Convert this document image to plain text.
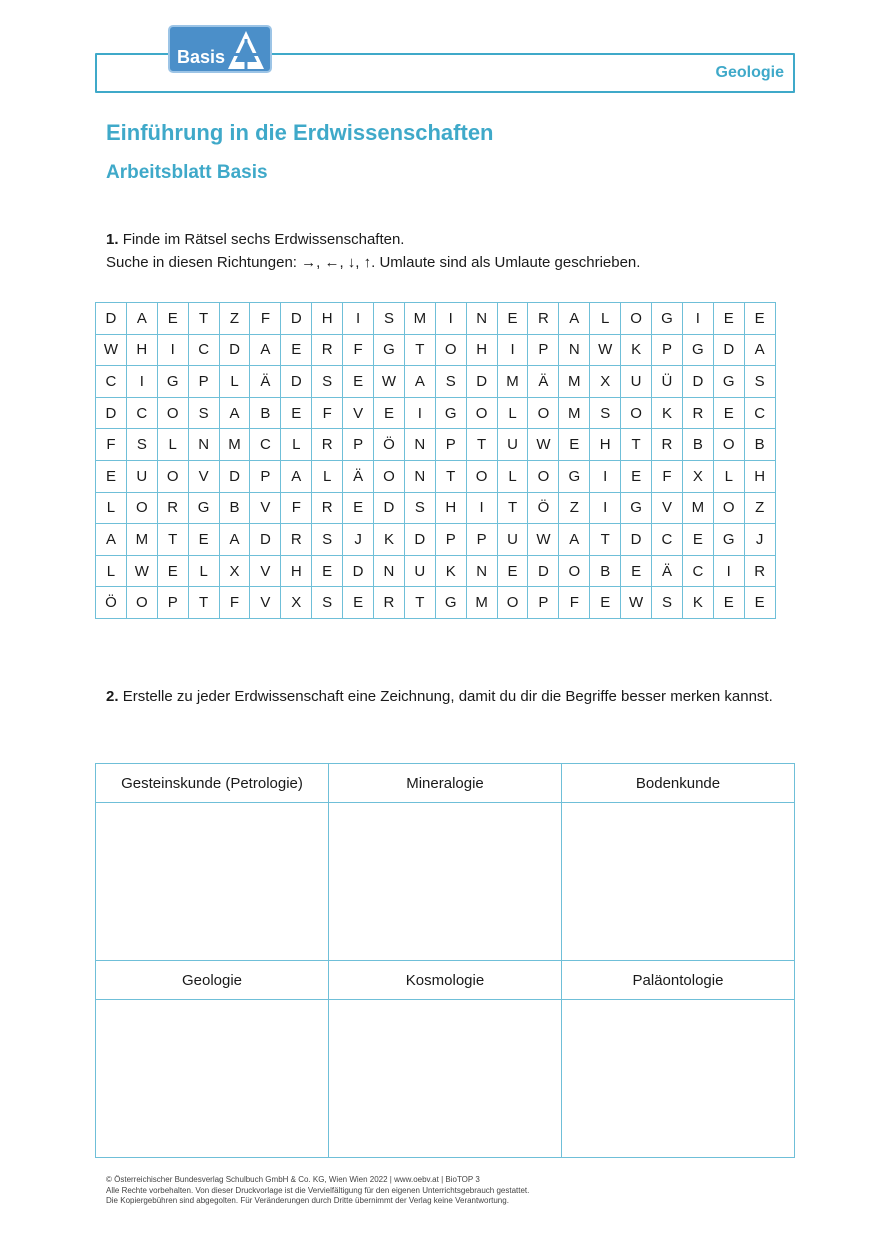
Geologie
Basis
Einführung in die Erdwissenschaften
Arbeitsblatt Basis
1. Finde im Rätsel sechs Erdwissenschaften.
Suche in diesen Richtungen: →, ←, ↓, ↑. Umlaute sind als Umlaute geschrieben.
D	A	E	T	Z	F	D	H	I	S	M	I	N	E	R	A	L	O	G	I	E	E
W	H	I	C	D	A	E	R	F	G	T	O	H	I	P	N	W	K	P	G	D	A
C	I	G	P	L	Ä	D	S	E	W	A	S	D	M	Ä	M	X	U	Ü	D	G	S
D	C	O	S	A	B	E	F	V	E	I	G	O	L	O	M	S	O	K	R	E	C
F	S	L	N	M	C	L	R	P	Ö	N	P	T	U	W	E	H	T	R	B	O	B
E	U	O	V	D	P	A	L	Ä	O	N	T	O	L	O	G	I	E	F	X	L	H
L	O	R	G	B	V	F	R	E	D	S	H	I	T	Ö	Z	I	G	V	M	O	Z
A	M	T	E	A	D	R	S	J	K	D	P	P	U	W	A	T	D	C	E	G	J
L	W	E	L	X	V	H	E	D	N	U	K	N	E	D	O	B	E	Ä	C	I	R
Ö	O	P	T	F	V	X	S	E	R	T	G	M	O	P	F	E	W	S	K	E	E
2. Erstelle zu jeder Erdwissenschaft eine Zeichnung, damit du dir die Begriffe besser merken kannst.
Gesteinskunde (Petrologie)	Mineralogie	Bodenkunde

Geologie	Kosmologie	Paläontologie

© Österreichischer Bundesverlag Schulbuch GmbH & Co. KG, Wien Wien 2022 | www.oebv.at | BioTOP 3
Alle Rechte vorbehalten. Von dieser Druckvorlage ist die Vervielfältigung für den eigenen Unterrichtsgebrauch gestattet.
Die Kopiergebühren sind abgegolten. Für Veränderungen durch Dritte übernimmt der Verlag keine Verantwortung.
